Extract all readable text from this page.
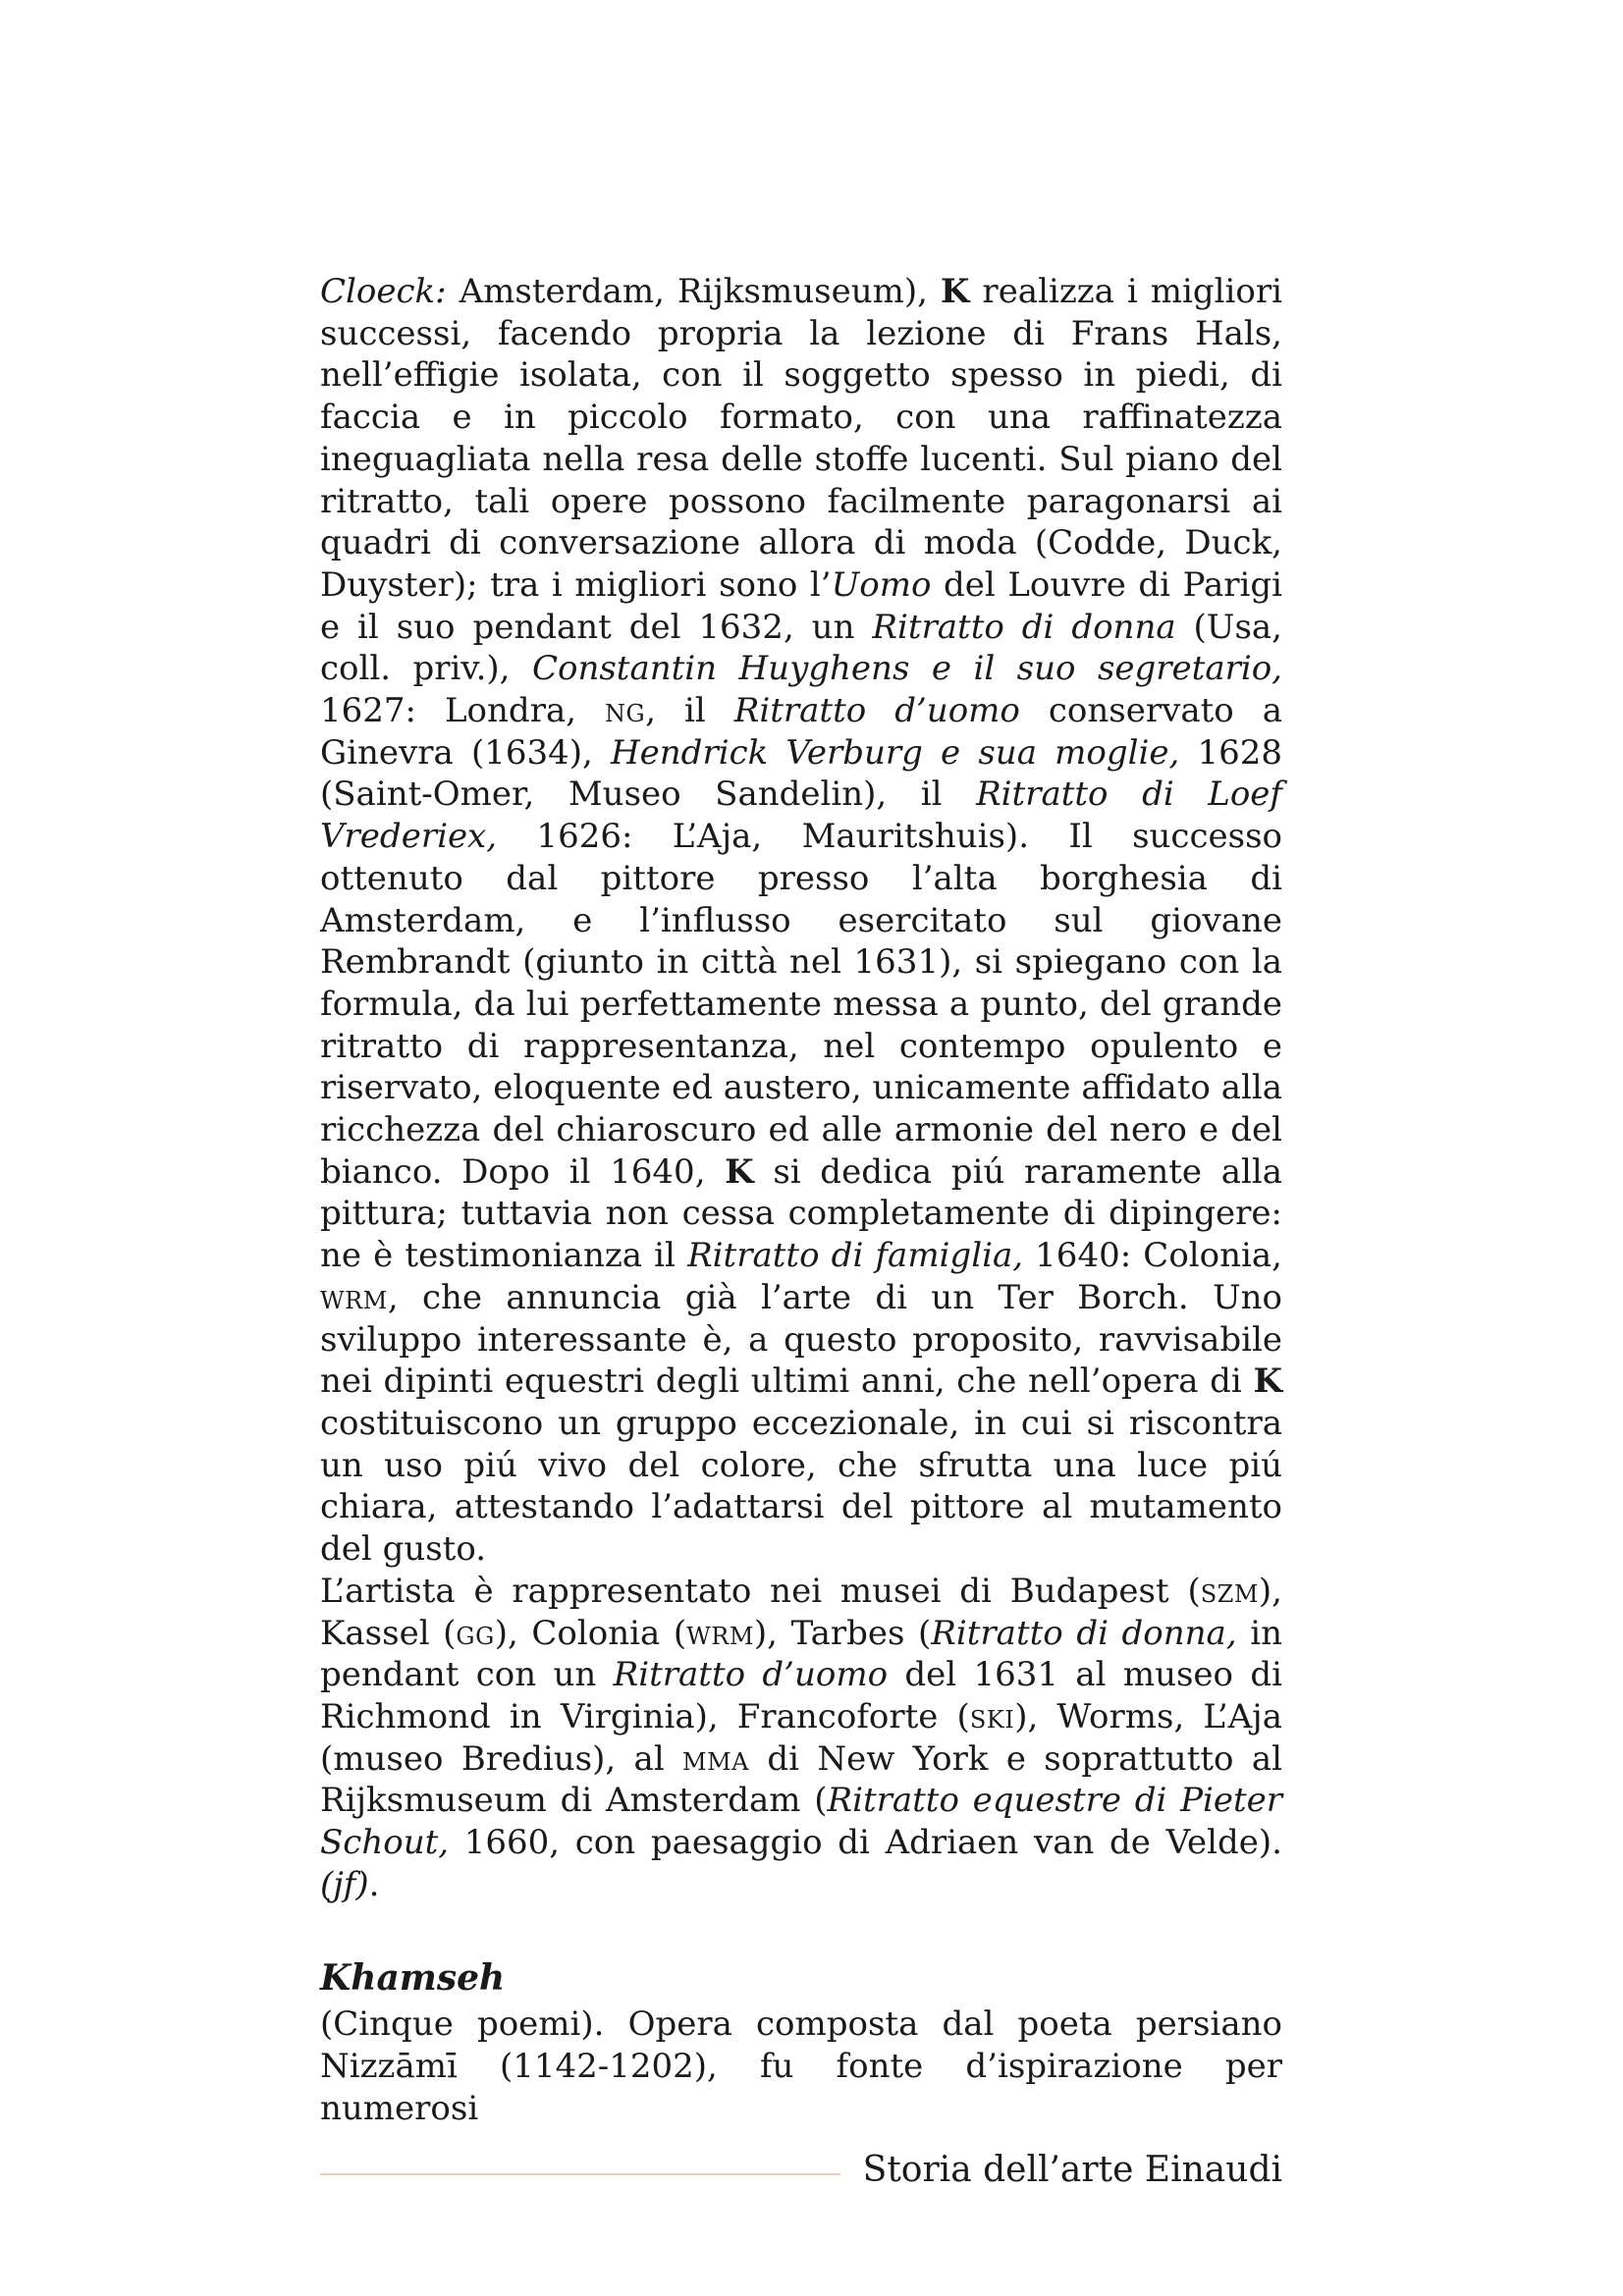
Cloeck: Amsterdam, Rijksmuseum), K realizza i migliori successi, facendo propria la lezione di Frans Hals, nell’effigie isolata, con il soggetto spesso in piedi, di faccia e in piccolo formato, con una raffinatezza ineguagliata nella resa delle stoffe lucenti. Sul piano del ritratto, tali opere possono facilmente paragonarsi ai quadri di conversazione allora di moda (Codde, Duck, Duyster); tra i migliori sono l’Uomo del Louvre di Parigi e il suo pendant del 1632, un Ritratto di donna (Usa, coll. priv.), Constantin Huyghens e il suo segretario, 1627: Londra, ng, il Ritratto d’uomo conservato a Ginevra (1634), Hendrick Verburg e sua moglie, 1628 (Saint-Omer, Museo Sandelin), il Ritratto di Loef Vrederiex, 1626: L’Aja, Mauritshuis). Il successo ottenuto dal pittore presso l’alta borghesia di Amsterdam, e l’influsso esercitato sul giovane Rembrandt (giunto in città nel 1631), si spiegano con la formula, da lui perfettamente messa a punto, del grande ritratto di rappresentanza, nel contempo opulento e riservato, eloquente ed austero, unicamente affidato alla ricchezza del chiaroscuro ed alle armonie del nero e del bianco. Dopo il 1640, K si dedica piú raramente alla pittura; tuttavia non cessa completamente di dipingere: ne è testimonianza il Ritratto di famiglia, 1640: Colonia, wrm, che annuncia già l’arte di un Ter Borch. Uno sviluppo interessante è, a questo proposito, ravvisabile nei dipinti equestri degli ultimi anni, che nell’opera di K costituiscono un gruppo eccezionale, in cui si riscontra un uso piú vivo del colore, che sfrutta una luce piú chiara, attestando l’adattarsi del pittore al mutamento del gusto.

L’artista è rappresentato nei musei di Budapest (szm), Kassel (gg), Colonia (wrm), Tarbes (Ritratto di donna, in pendant con un Ritratto d’uomo del 1631 al museo di Richmond in Virginia), Francoforte (ski), Worms, L’Aja (museo Bredius), al mma di New York e soprattutto al Rijksmuseum di Amsterdam (Ritratto equestre di Pieter Schout, 1660, con paesaggio di Adriaen van de Velde). (jf).

Khamseh

(Cinque poemi). Opera composta dal poeta persiano Nizzāmī (1142-1202), fu fonte d’ispirazione per numerosi

Storia dell’arte Einaudi
